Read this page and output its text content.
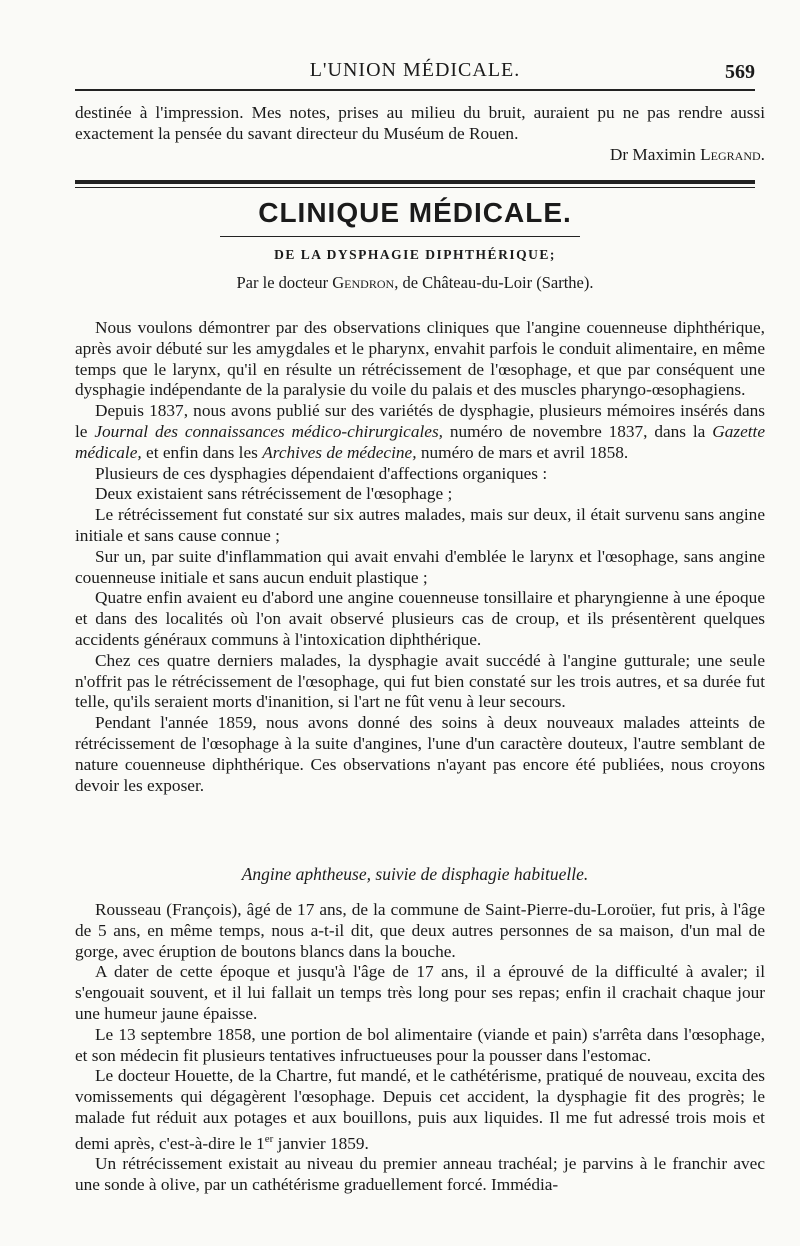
L'UNION MÉDICALE.	569

destinée à l'impression. Mes notes, prises au milieu du bruit, auraient pu ne pas rendre aussi exactement la pensée du savant directeur du Muséum de Rouen.

Dr Maximin Legrand.

CLINIQUE MÉDICALE.
DE LA DYSPHAGIE DIPHTHÉRIQUE;
Par le docteur Gendron, de Château-du-Loir (Sarthe).

Nous voulons démontrer par des observations cliniques que l'angine couenneuse diphthérique, après avoir débuté sur les amygdales et le pharynx, envahit parfois le conduit alimentaire, en même temps que le larynx, qu'il en résulte un rétrécissement de l'œsophage, et que par conséquent une dysphagie indépendante de la paralysie du voile du palais et des muscles pharyngo-œsophagiens.

Depuis 1837, nous avons publié sur des variétés de dysphagie, plusieurs mémoires insérés dans le Journal des connaissances médico-chirurgicales, numéro de novembre 1837, dans la Gazette médicale, et enfin dans les Archives de médecine, numéro de mars et avril 1858.

Plusieurs de ces dysphagies dépendaient d'affections organiques :

Deux existaient sans rétrécissement de l'œsophage ;

Le rétrécissement fut constaté sur six autres malades, mais sur deux, il était survenu sans angine initiale et sans cause connue ;

Sur un, par suite d'inflammation qui avait envahi d'emblée le larynx et l'œsophage, sans angine couenneuse initiale et sans aucun enduit plastique ;

Quatre enfin avaient eu d'abord une angine couenneuse tonsillaire et pharyngienne à une époque et dans des localités où l'on avait observé plusieurs cas de croup, et ils présentèrent quelques accidents généraux communs à l'intoxication diphthérique.

Chez ces quatre derniers malades, la dysphagie avait succédé à l'angine gutturale; une seule n'offrit pas le rétrécissement de l'œsophage, qui fut bien constaté sur les trois autres, et sa durée fut telle, qu'ils seraient morts d'inanition, si l'art ne fût venu à leur secours.

Pendant l'année 1859, nous avons donné des soins à deux nouveaux malades atteints de rétrécissement de l'œsophage à la suite d'angines, l'une d'un caractère douteux, l'autre semblant de nature couenneuse diphthérique. Ces observations n'ayant pas encore été publiées, nous croyons devoir les exposer.

Angine aphtheuse, suivie de disphagie habituelle.

Rousseau (François), âgé de 17 ans, de la commune de Saint-Pierre-du-Loroüer, fut pris, à l'âge de 5 ans, en même temps, nous a-t-il dit, que deux autres personnes de sa maison, d'un mal de gorge, avec éruption de boutons blancs dans la bouche.

A dater de cette époque et jusqu'à l'âge de 17 ans, il a éprouvé de la difficulté à avaler; il s'engouait souvent, et il lui fallait un temps très long pour ses repas; enfin il crachait chaque jour une humeur jaune épaisse.

Le 13 septembre 1858, une portion de bol alimentaire (viande et pain) s'arrêta dans l'œsophage, et son médecin fit plusieurs tentatives infructueuses pour la pousser dans l'estomac.

Le docteur Houette, de la Chartre, fut mandé, et le cathétérisme, pratiqué de nouveau, excita des vomissements qui dégagèrent l'œsophage. Depuis cet accident, la dysphagie fit des progrès; le malade fut réduit aux potages et aux bouillons, puis aux liquides. Il me fut adressé trois mois et demi après, c'est-à-dire le 1er janvier 1859.

Un rétrécissement existait au niveau du premier anneau trachéal; je parvins à le franchir avec une sonde à olive, par un cathétérisme graduellement forcé. Immédia-
